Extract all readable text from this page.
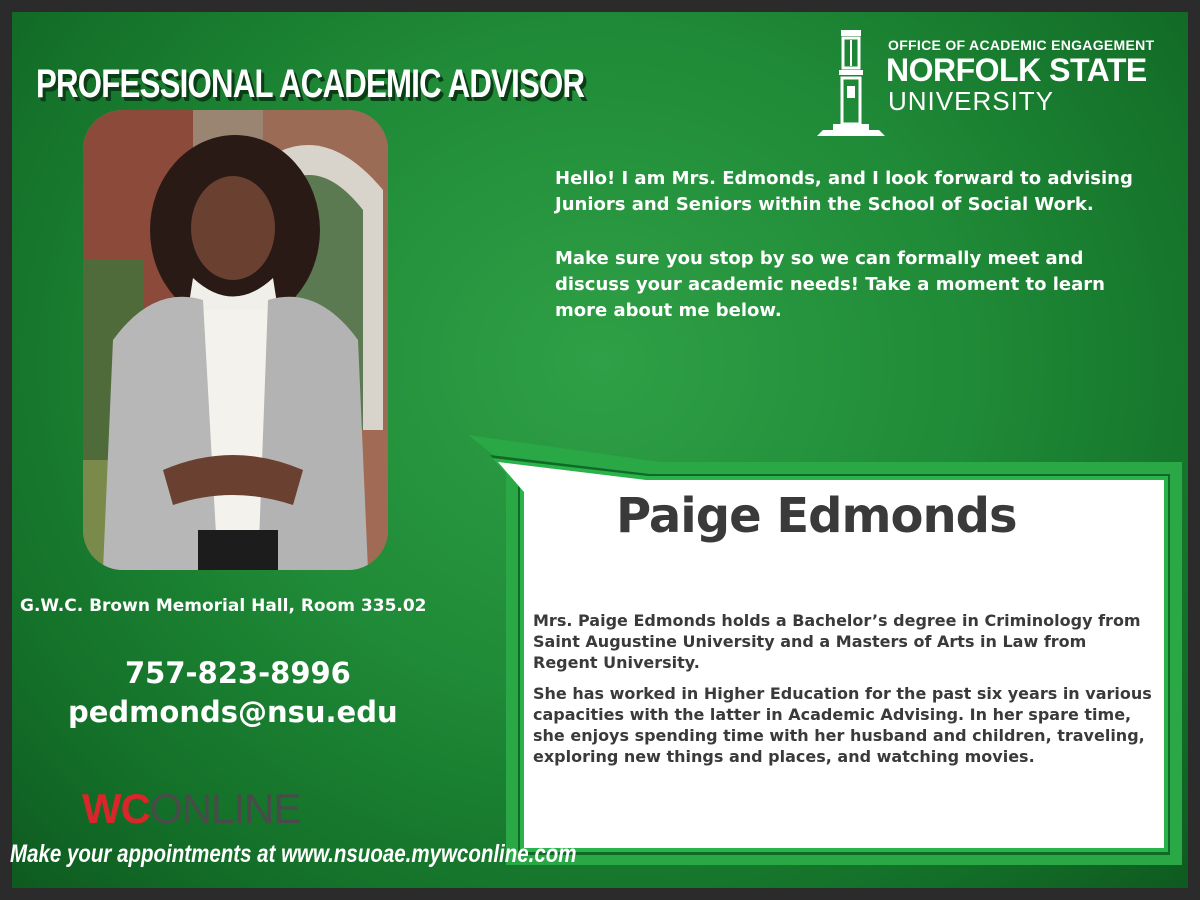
PROFESSIONAL ACADEMIC ADVISOR
OFFICE OF ACADEMIC ENGAGEMENT
NORFOLK STATE
UNIVERSITY

Hello! I am Mrs. Edmonds, and I look forward to advising Juniors and Seniors within the School of Social Work.

Make sure you stop by so we can formally meet and discuss your academic needs! Take a moment to learn more about me below.

Paige Edmonds

Mrs. Paige Edmonds holds a Bachelor’s degree in Criminology from Saint Augustine University and a Masters of Arts in Law from Regent University.

She has worked in Higher Education for the past six years in various capacities with the latter in Academic Advising. In her spare time, she enjoys spending time with her husband and children, traveling, exploring new things and places, and watching movies.

G.W.C. Brown Memorial Hall, Room 335.02
757-823-8996
pedmonds@nsu.edu
WCONLINE
Make your appointments at www.nsuoae.mywconline.com
